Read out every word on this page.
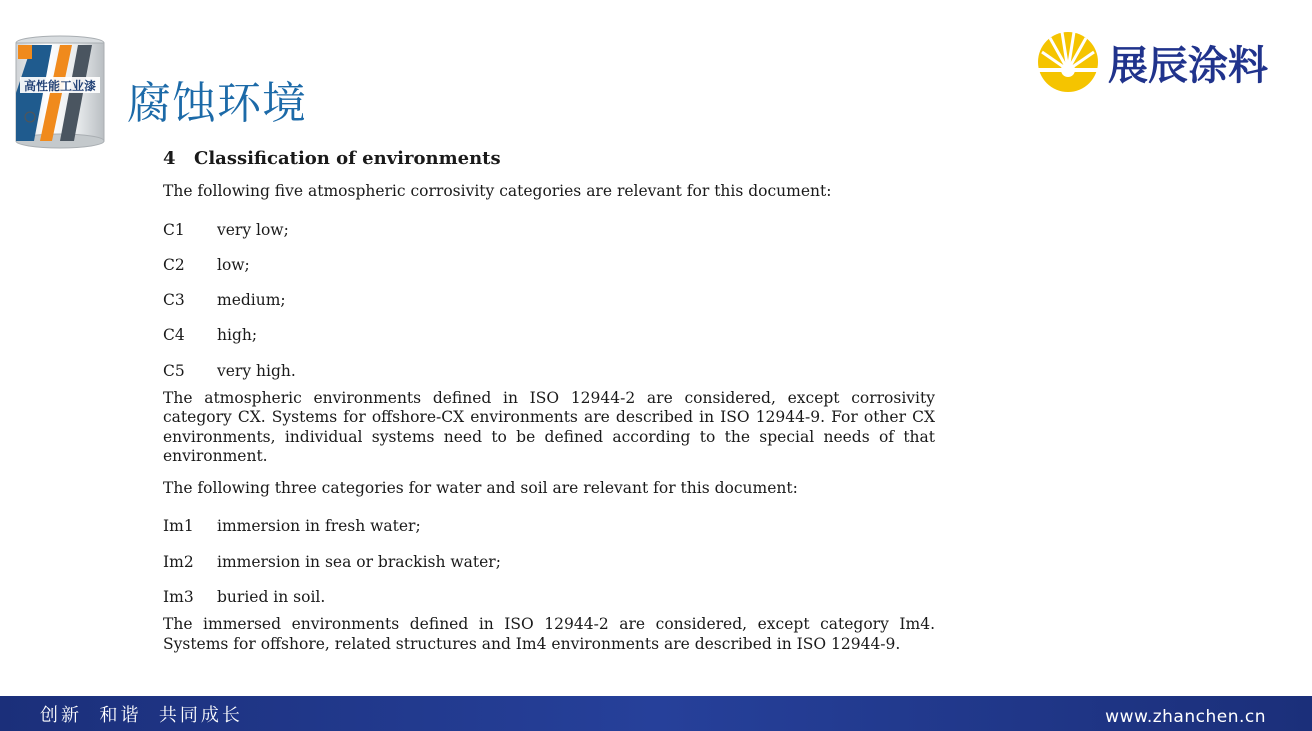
高性能工业漆 腐蚀环境
展辰涂料
4 Classification of environments

The following five atmospheric corrosivity categories are relevant for this document:

C1 very low;
C2 low;
C3 medium;
C4 high;
C5 very high.

The atmospheric environments defined in ISO 12944-2 are considered, except corrosivity category CX. Systems for offshore-CX environments are described in ISO 12944-9. For other CX environments, individual systems need to be defined according to the special needs of that environment.

The following three categories for water and soil are relevant for this document:

Im1 immersion in fresh water;
Im2 immersion in sea or brackish water;
Im3 buried in soil.

The immersed environments defined in ISO 12944-2 are considered, except category Im4. Systems for offshore, related structures and Im4 environments are described in ISO 12944-9.

创新  和谐  共同成长	www.zhanchen.cn
